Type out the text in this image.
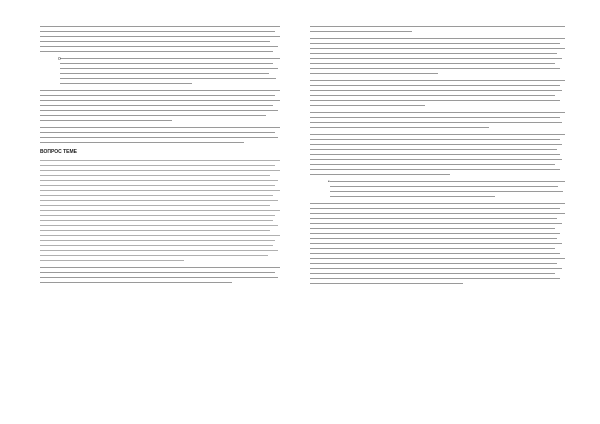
o
ВОПРОС ТЕМЕ
•
